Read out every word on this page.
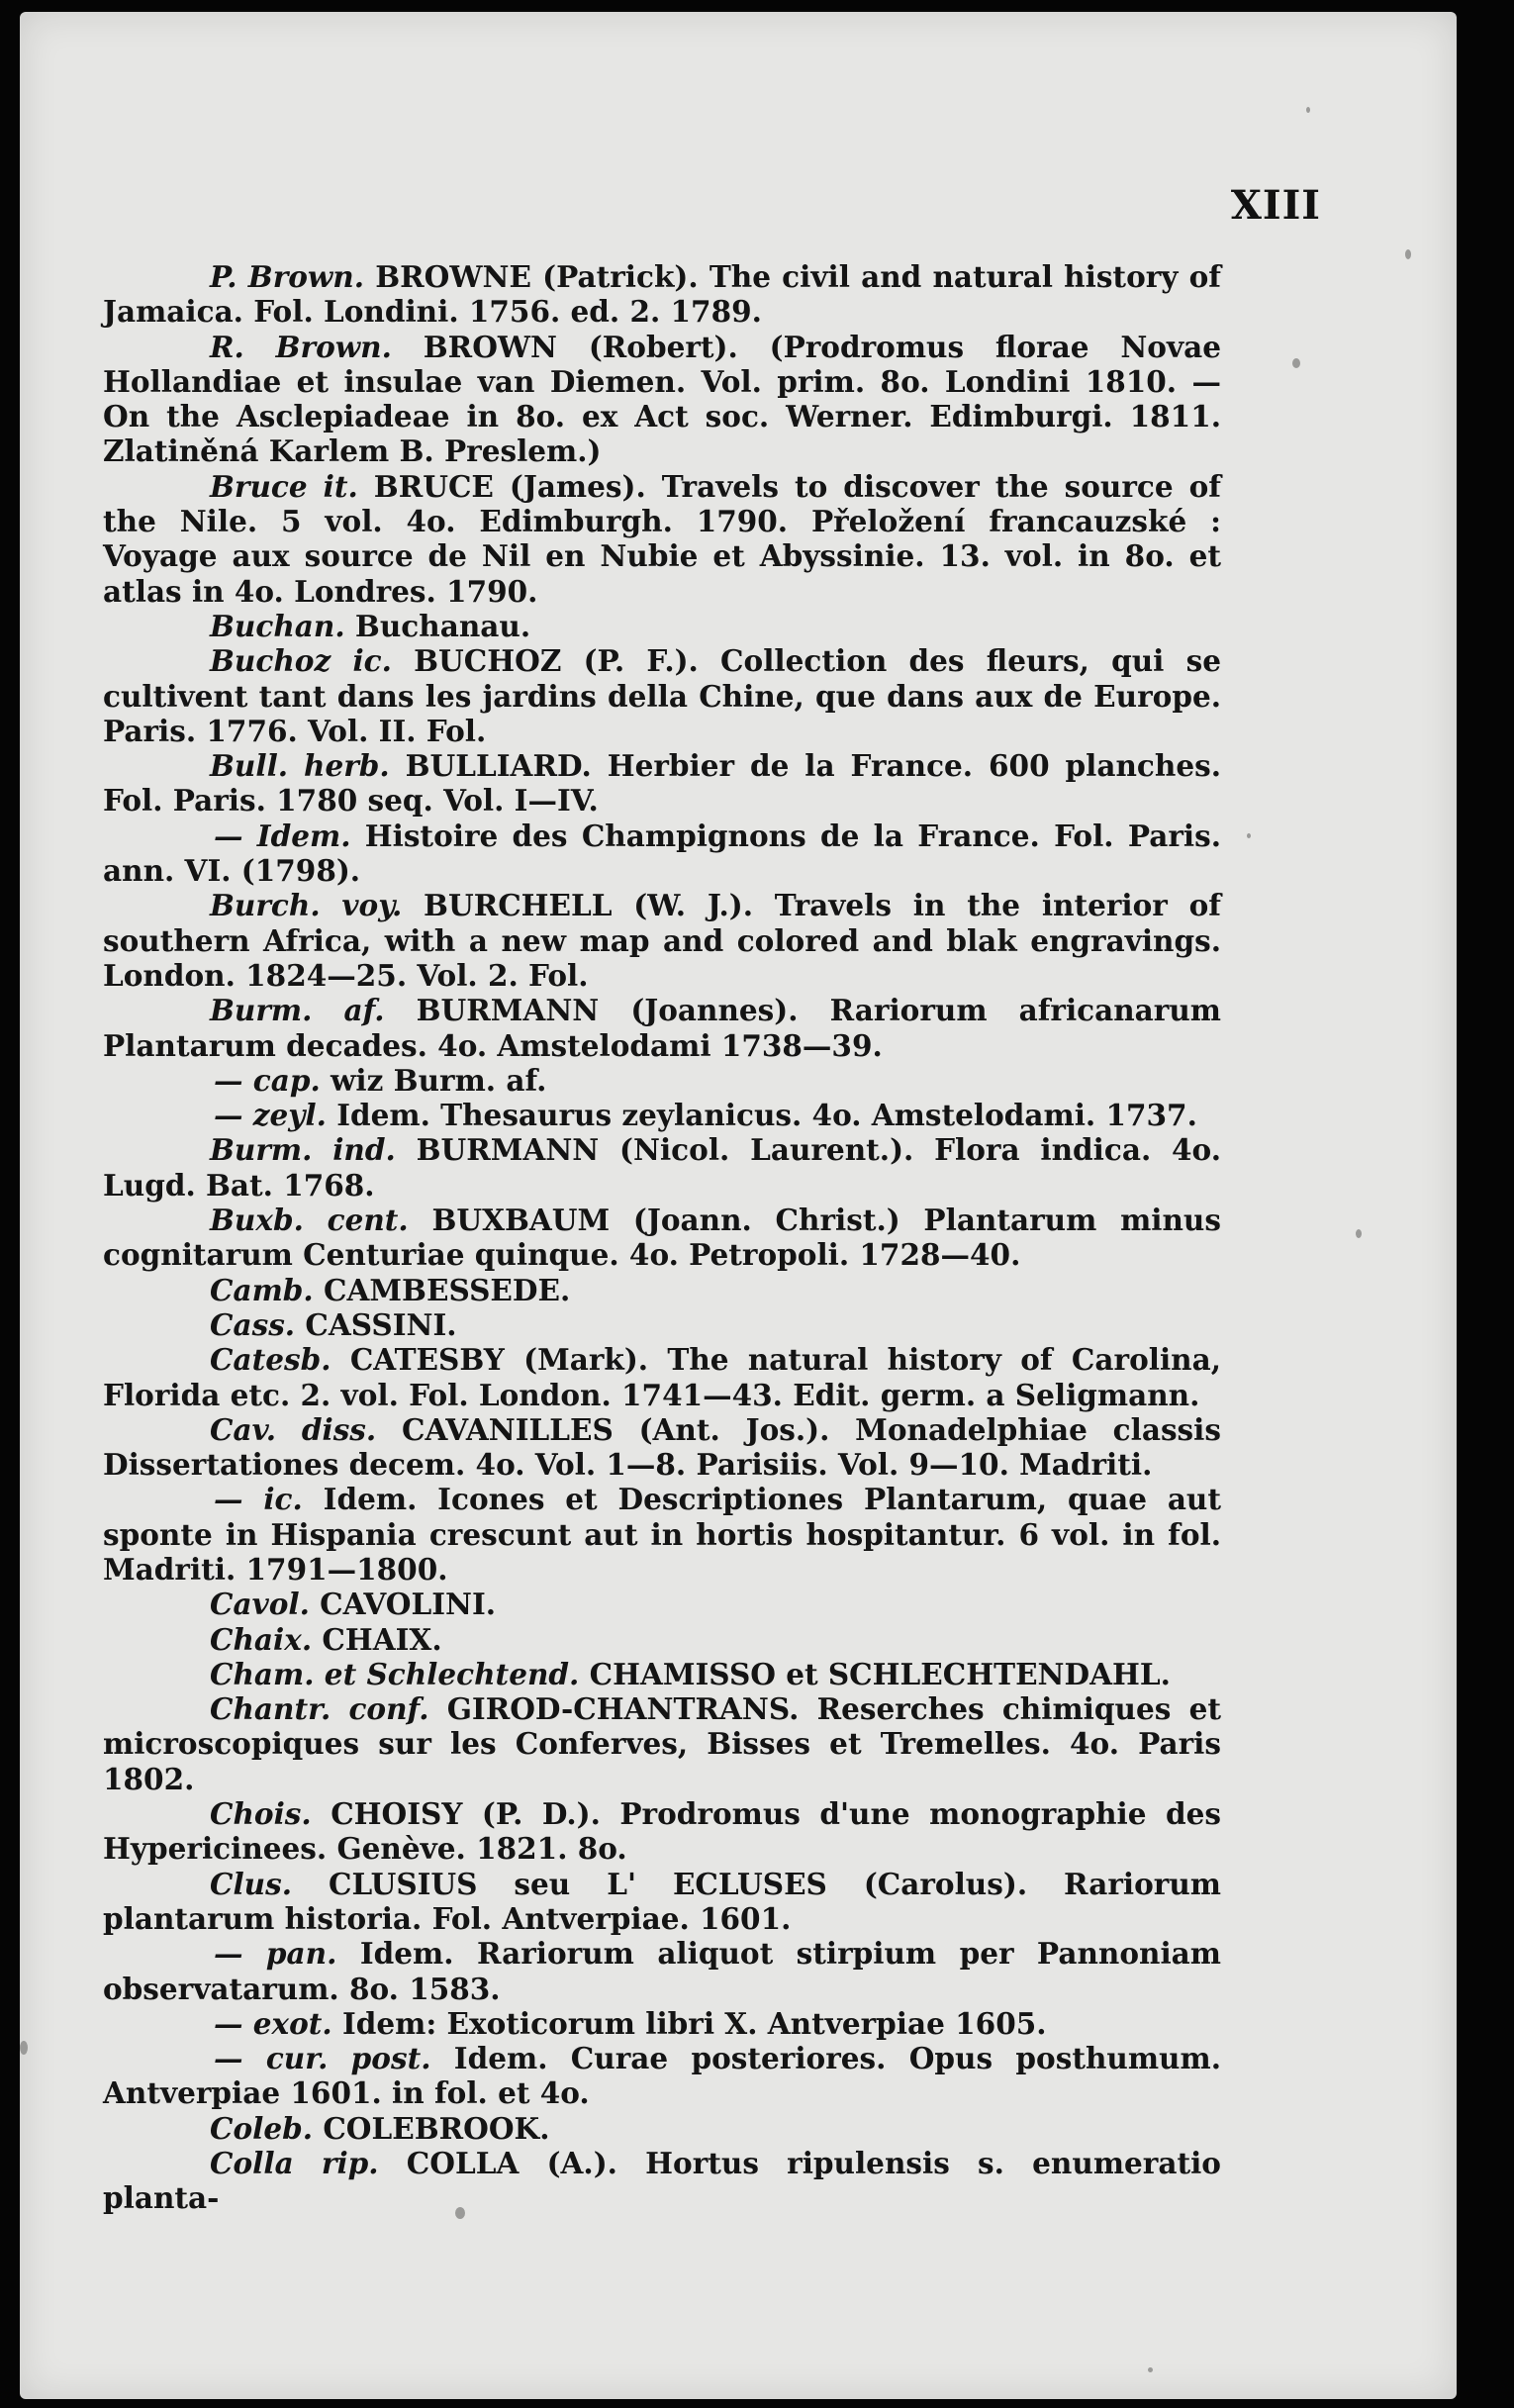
XIII

P. Brown. BROWNE (Patrick). The civil and natural history of Jamaica. Fol. Londini. 1756. ed. 2. 1789.

R. Brown. BROWN (Robert). (Prodromus florae Novae Hollandiae et insulae van Diemen. Vol. prim. 8o. Londini 1810. — On the Asclepiadeae in 8o. ex Act soc. Werner. Edimburgi. 1811. Zlatiněná Karlem B. Preslem.)

Bruce it. BRUCE (James). Travels to discover the source of the Nile. 5 vol. 4o. Edimburgh. 1790. Přeložení francauzské : Voyage aux source de Nil en Nubie et Abyssinie. 13. vol. in 8o. et atlas in 4o. Londres. 1790.

Buchan. Buchanau.

Buchoz ic. BUCHOZ (P. F.). Collection des fleurs, qui se cultivent tant dans les jardins della Chine, que dans aux de Europe. Paris. 1776. Vol. II. Fol.

Bull. herb. BULLIARD. Herbier de la France. 600 planches. Fol. Paris. 1780 seq. Vol. I—IV.

— Idem. Histoire des Champignons de la France. Fol. Paris. ann. VI. (1798).

Burch. voy. BURCHELL (W. J.). Travels in the interior of southern Africa, with a new map and colored and blak engravings. London. 1824—25. Vol. 2. Fol.

Burm. af. BURMANN (Joannes). Rariorum africanarum Plantarum decades. 4o. Amstelodami 1738—39.

— cap. wiz Burm. af.

— zeyl. Idem. Thesaurus zeylanicus. 4o. Amstelodami. 1737.

Burm. ind. BURMANN (Nicol. Laurent.). Flora indica. 4o. Lugd. Bat. 1768.

Buxb. cent. BUXBAUM (Joann. Christ.) Plantarum minus cognitarum Centuriae quinque. 4o. Petropoli. 1728—40.

Camb. CAMBESSEDE.

Cass. CASSINI.

Catesb. CATESBY (Mark). The natural history of Carolina, Florida etc. 2. vol. Fol. London. 1741—43. Edit. germ. a Seligmann.

Cav. diss. CAVANILLES (Ant. Jos.). Monadelphiae classis Dissertationes decem. 4o. Vol. 1—8. Parisiis. Vol. 9—10. Madriti.

— ic. Idem. Icones et Descriptiones Plantarum, quae aut sponte in Hispania crescunt aut in hortis hospitantur. 6 vol. in fol. Madriti. 1791—1800.

Cavol. CAVOLINI.

Chaix. CHAIX.

Cham. et Schlechtend. CHAMISSO et SCHLECHTENDAHL.

Chantr. conf. GIROD-CHANTRANS. Reserches chimiques et microscopiques sur les Conferves, Bisses et Tremelles. 4o. Paris 1802.

Chois. CHOISY (P. D.). Prodromus d'une monographie des Hypericinees. Genève. 1821. 8o.

Clus. CLUSIUS seu L' ECLUSES (Carolus). Rariorum plantarum historia. Fol. Antverpiae. 1601.

— pan. Idem. Rariorum aliquot stirpium per Pannoniam observatarum. 8o. 1583.

— exot. Idem: Exoticorum libri X. Antverpiae 1605.

— cur. post. Idem. Curae posteriores. Opus posthumum. Antverpiae 1601. in fol. et 4o.

Coleb. COLEBROOK.

Colla rip. COLLA (A.). Hortus ripulensis s. enumeratio planta-
